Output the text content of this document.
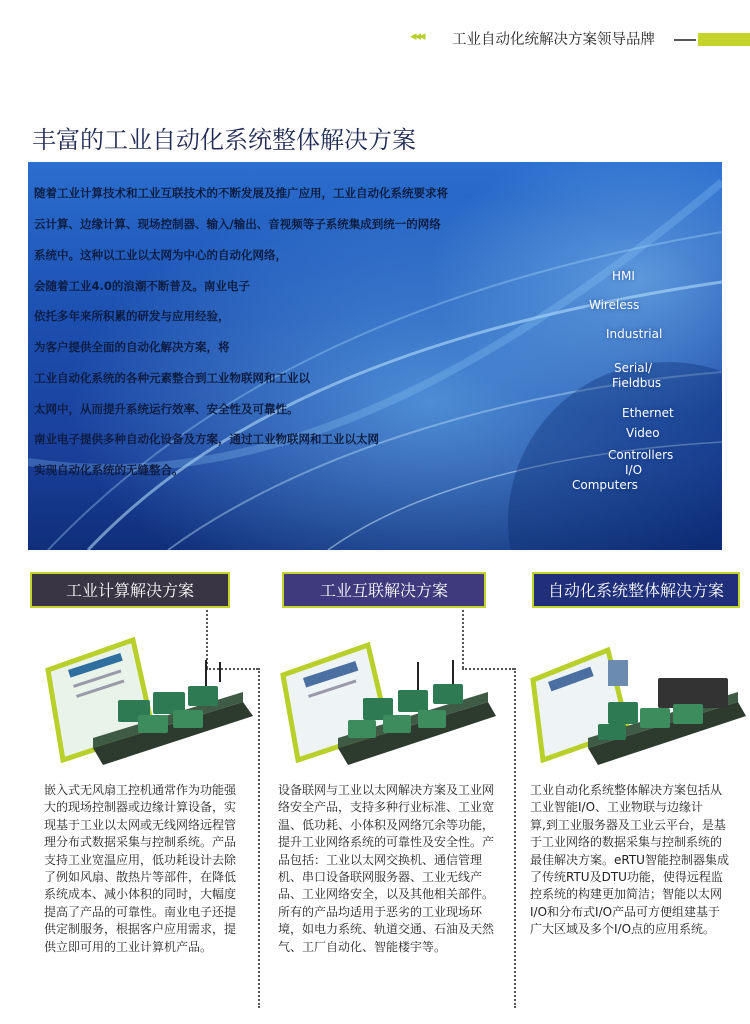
◂◂◂ 工业自动化统解决方案领导品牌
丰富的工业自动化系统整体解决方案
随着工业计算技术和工业互联技术的不断发展及推广应用，工业自动化系统要求将
云计算、边缘计算、现场控制器、输入/输出、音视频等子系统集成到统一的网络
系统中。这种以工业以太网为中心的自动化网络，
会随着工业4.0的浪潮不断普及。南业电子
依托多年来所积累的研发与应用经验，
为客户提供全面的自动化解决方案，将
工业自动化系统的各种元素整合到工业物联网和工业以
太网中，从而提升系统运行效率、安全性及可靠性。
南业电子提供多种自动化设备及方案，通过工业物联网和工业以太网
实现自动化系统的无缝整合。
HMI
Wireless
Industrial
Serial/
Fieldbus
Ethernet
Video
Controllers
I/O
Computers
工业计算解决方案	工业互联解决方案	自动化系统整体解决方案
嵌入式无风扇工控机通常作为功能强
大的现场控制器或边缘计算设备，实
现基于工业以太网或无线网络远程管
理分布式数据采集与控制系统。产品
支持工业宽温应用，低功耗设计去除
了例如风扇、散热片等部件，在降低
系统成本、减小体积的同时，大幅度
提高了产品的可靠性。南业电子还提
供定制服务，根据客户应用需求，提
供立即可用的工业计算机产品。
设备联网与工业以太网解决方案及工业网
络安全产品，支持多种行业标准、工业宽
温、低功耗、小体积及网络冗余等功能，
提升工业网络系统的可靠性及安全性。产
品包括：工业以太网交换机、通信管理
机、串口设备联网服务器、工业无线产
品、工业网络安全，以及其他相关部件。
所有的产品均适用于恶劣的工业现场环
境，如电力系统、轨道交通、石油及天然
气、工厂自动化、智能楼宇等。
工业自动化系统整体解决方案包括从
工业智能I/O、工业物联与边缘计
算,到工业服务器及工业云平台，是基
于工业网络的数据采集与控制系统的
最佳解决方案。eRTU智能控制器集成
了传统RTU及DTU功能，使得远程监
控系统的构建更加简洁；智能以太网
I/O和分布式I/O产品可方便组建基于
广大区域及多个I/O点的应用系统。
